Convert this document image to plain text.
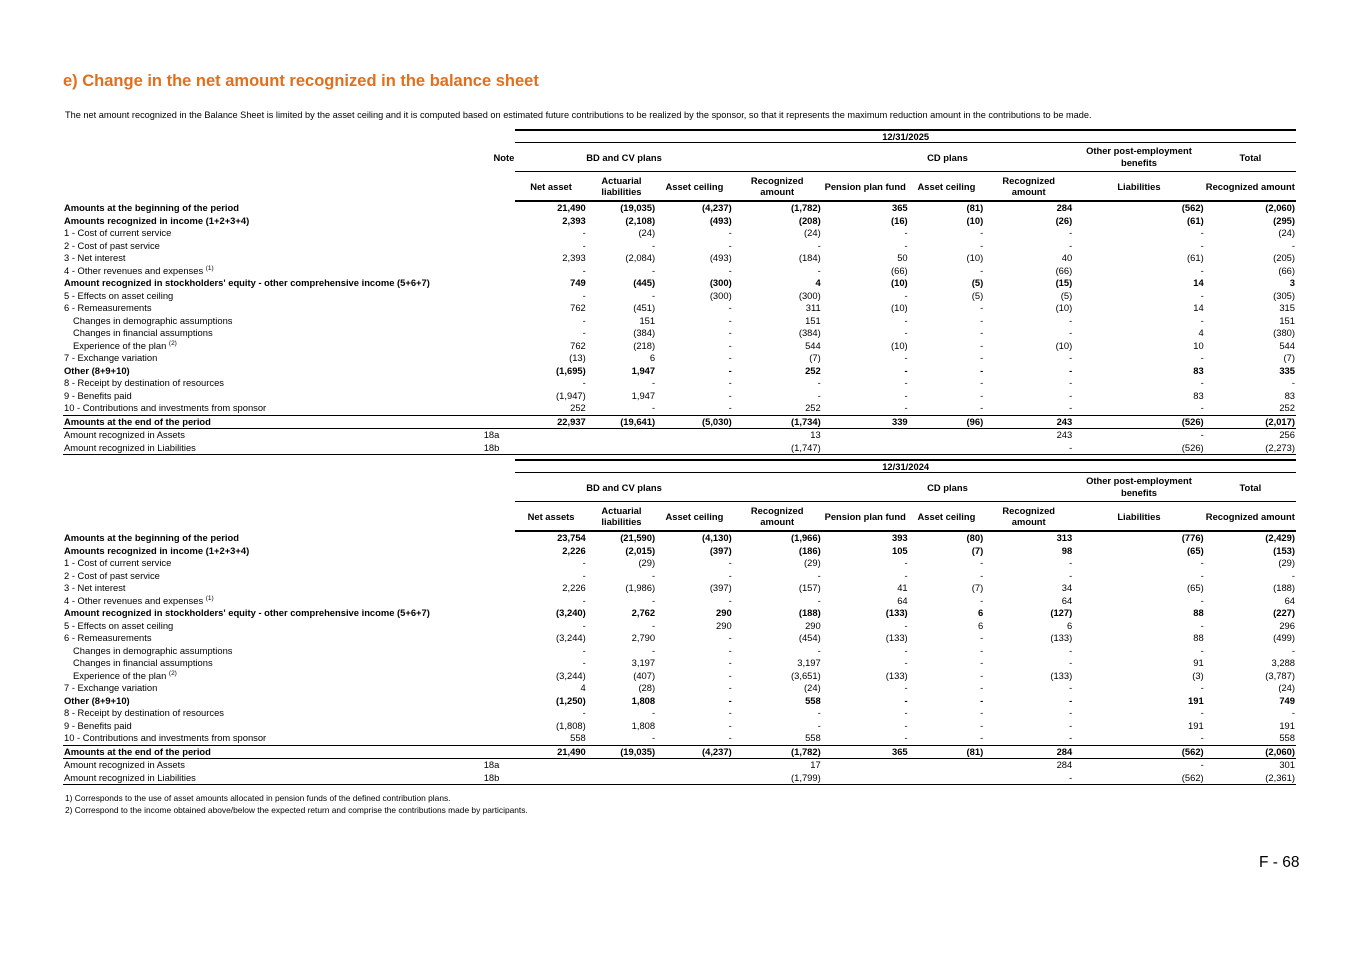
e) Change in the net amount recognized in the balance sheet
The net amount recognized in the Balance Sheet is limited by the asset ceiling and it is computed based on estimated future contributions to be realized by the sponsor, so that it represents the maximum reduction amount in the contributions to be made.
		12/31/2025								
	Note	BD and CV plans				CD plans			Other post-employment benefits	Total
		Net asset	Actuarial liabilities	Asset ceiling	Recognized amount	Pension plan fund	Asset ceiling	Recognized amount	Liabilities	Recognized amount
Amounts at the beginning of the period		21,490	(19,035)	(4,237)	(1,782)	365	(81)	284	(562)	(2,060)
Amounts recognized in income (1+2+3+4)		2,393	(2,108)	(493)	(208)	(16)	(10)	(26)	(61)	(295)
1 - Cost of current service		-	(24)	-	(24)	-	-	-	-	(24)
2 - Cost of past service		-	-	-	-	-	-	-	-	-
3 - Net interest		2,393	(2,084)	(493)	(184)	50	(10)	40	(61)	(205)
4 - Other revenues and expenses $^{(1)}$		-	-	-	-	(66)	-	(66)	-	(66)
Amount recognized in stockholders' equity - other comprehensive income (5+6+7)		749	(445)	(300)	4	(10)	(5)	(15)	14	3
5 - Effects on asset ceiling		-	-	(300)	(300)	-	(5)	(5)	-	(305)
6 - Remeasurements		762	(451)	-	311	(10)	-	(10)	14	315
Changes in demographic assumptions		-	151	-	151	-	-	-	-	151
Changes in financial assumptions		-	(384)	-	(384)	-	-	-	4	(380)
Experience of the plan $^{(2)}$		762	(218)	-	544	(10)	-	(10)	10	544
7 - Exchange variation		(13)	6	-	(7)	-	-	-	-	(7)
Other (8+9+10)		(1,695)	1,947	-	252	-	-	-	83	335
8 - Receipt by destination of resources		-	-	-	-	-	-	-	-	-
9 - Benefits paid		(1,947)	1,947	-	-	-	-	-	83	83
10 - Contributions and investments from sponsor		252	-	-	252	-	-	-	-	252
Amounts at the end of the period		22,937	(19,641)	(5,030)	(1,734)	339	(96)	243	(526)	(2,017)
Amount recognized in Assets	18a				13			243	-	256
Amount recognized in Liabilities	18b				(1,747)			-	(526)	(2,273)
		12/31/2024								
		BD and CV plans				CD plans			Other post-employment benefits	Total
		Net assets	Actuarial liabilities	Asset ceiling	Recognized amount	Pension plan fund	Asset ceiling	Recognized amount	Liabilities	Recognized amount
Amounts at the beginning of the period		23,754	(21,590)	(4,130)	(1,966)	393	(80)	313	(776)	(2,429)
Amounts recognized in income (1+2+3+4)		2,226	(2,015)	(397)	(186)	105	(7)	98	(65)	(153)
1 - Cost of current service		-	(29)	-	(29)	-	-	-	-	(29)
2 - Cost of past service		-	-	-	-	-	-	-	-	-
3 - Net interest		2,226	(1,986)	(397)	(157)	41	(7)	34	(65)	(188)
4 - Other revenues and expenses $^{(1)}$		-	-	-	-	64	-	64	-	64
Amount recognized in stockholders' equity - other comprehensive income (5+6+7)		(3,240)	2,762	290	(188)	(133)	6	(127)	88	(227)
5 - Effects on asset ceiling		-	-	290	290	-	6	6	-	296
6 - Remeasurements		(3,244)	2,790	-	(454)	(133)	-	(133)	88	(499)
Changes in demographic assumptions		-	-	-	-	-	-	-	-	-
Changes in financial assumptions		-	3,197	-	3,197	-	-	-	91	3,288
Experience of the plan $^{(2)}$		(3,244)	(407)	-	(3,651)	(133)	-	(133)	(3)	(3,787)
7 - Exchange variation		4	(28)	-	(24)	-	-	-	-	(24)
Other (8+9+10)		(1,250)	1,808	-	558	-	-	-	191	749
8 - Receipt by destination of resources		-	-	-	-	-	-	-	-	-
9 - Benefits paid		(1,808)	1,808	-	-	-	-	-	191	191
10 - Contributions and investments from sponsor		558	-	-	558	-	-	-	-	558
Amounts at the end of the period		21,490	(19,035)	(4,237)	(1,782)	365	(81)	284	(562)	(2,060)
Amount recognized in Assets	18a				17			284	-	301
Amount recognized in Liabilities	18b				(1,799)			-	(562)	(2,361)
1) Corresponds to the use of asset amounts allocated in pension funds of the defined contribution plans.
2) Correspond to the income obtained above/below the expected return and comprise the contributions made by participants.
F - 68
